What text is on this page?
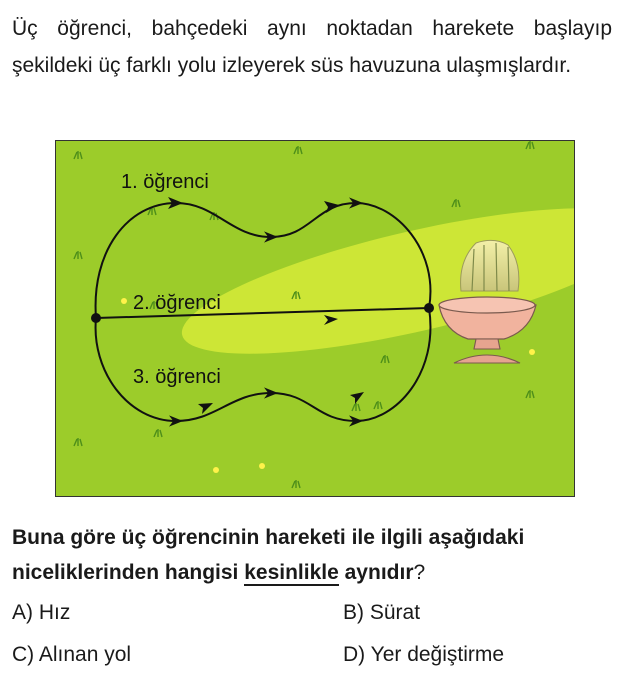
Üç öğrenci, bahçedeki aynı noktadan harekete başlayıp şekildeki üç farklı yolu izleyerek süs havuzuna ulaşmışlardır.
1. öğrenci
2. öğrenci
3. öğrenci
Buna göre üç öğrencinin hareketi ile ilgili aşağıdaki niceliklerinden hangisi kesinlikle aynıdır?
A) Hız	B) Sürat
C) Alınan yol	D) Yer değiştirme
